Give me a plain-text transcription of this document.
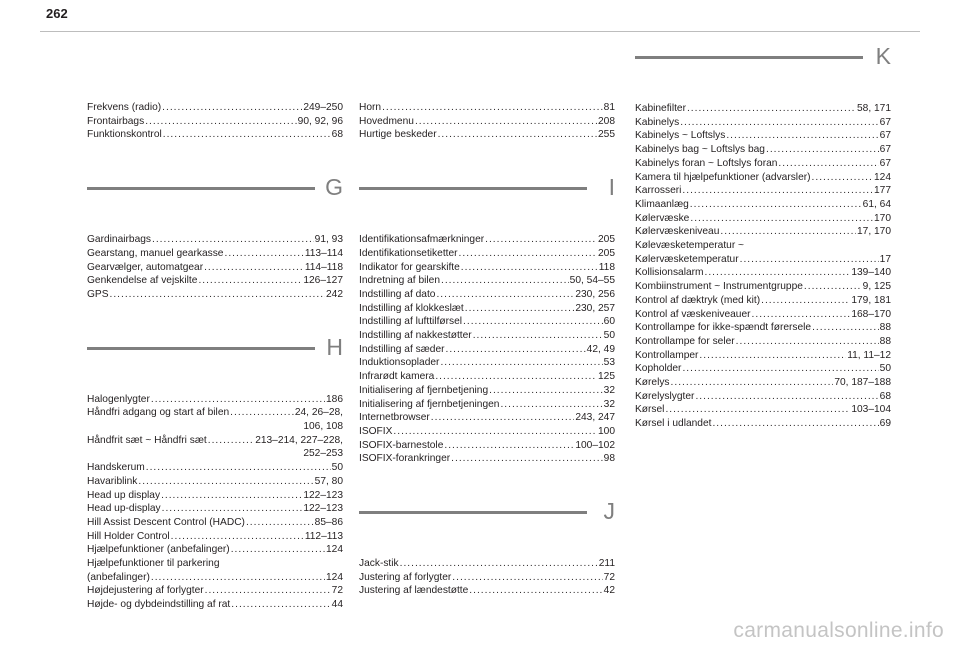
262
Frekvens (radio) .....	249–250
Frontairbags .....	90, 92, 96
Funktionskontrol .....	68
G
Gardinairbags .....	91, 93
Gearstang, manuel gearkasse .....	113–114
Gearvælger, automatgear .....	114–118
Genkendelse af vejskilte .....	126–127
GPS .....	242
H
Halogenlygter .....	186
Håndfri adgang og start af bilen .....	24, 26–28,
106, 108
Håndfrit sæt ~ Håndfri sæt .....	213–214, 227–228,
252–253
Handskerum .....	50
Havariblink .....	57, 80
Head up display .....	122–123
Head up-display .....	122–123
Hill Assist Descent Control (HADC) .....	85–86
Hill Holder Control .....	112–113
Hjælpefunktioner (anbefalinger) .....	124
Hjælpefunktioner til parkering
(anbefalinger) .....	124
Højdejustering af forlygter .....	72
Højde- og dybdeindstilling af rat .....	44
Horn .....	81
Hovedmenu .....	208
Hurtige beskeder .....	255
I
Identifikationsafmærkninger .....	205
Identifikationsetiketter .....	205
Indikator for gearskifte .....	118
Indretning af bilen .....	50, 54–55
Indstilling af dato .....	230, 256
Indstilling af klokkeslæt .....	230, 257
Indstilling af lufttilførsel .....	60
Indstilling af nakkestøtter .....	50
Indstilling af sæder .....	42, 49
Induktionsoplader .....	53
Infrarødt kamera .....	125
Initialisering af fjernbetjening .....	32
Initialisering af fjernbetjeningen .....	32
Internetbrowser .....	243, 247
ISOFIX .....	100
ISOFIX-barnestole .....	100–102
ISOFIX-forankringer .....	98
J
Jack-stik .....	211
Justering af forlygter .....	72
Justering af lændestøtte .....	42
K
Kabinefilter .....	58, 171
Kabinelys .....	67
Kabinelys ~ Loftslys .....	67
Kabinelys bag ~ Loftslys bag .....	67
Kabinelys foran ~ Loftslys foran .....	67
Kamera til hjælpefunktioner (advarsler) .....	124
Karrosseri .....	177
Klimaanlæg .....	61, 64
Kølervæske .....	170
Kølervæskeniveau .....	17, 170
Kølevæsketemperatur ~
Kølervæsketemperatur .....	17
Kollisionsalarm .....	139–140
Kombiinstrument ~ Instrumentgruppe .....	9, 125
Kontrol af dæktryk (med kit) .....	179, 181
Kontrol af væskeniveauer .....	168–170
Kontrollampe for ikke-spændt førersele .....	88
Kontrollampe for seler .....	88
Kontrollamper .....	11, 11–12
Kopholder .....	50
Kørelys .....	70, 187–188
Kørelyslygter .....	68
Kørsel .....	103–104
Kørsel i udlandet .....	69
carmanualsonline.info
